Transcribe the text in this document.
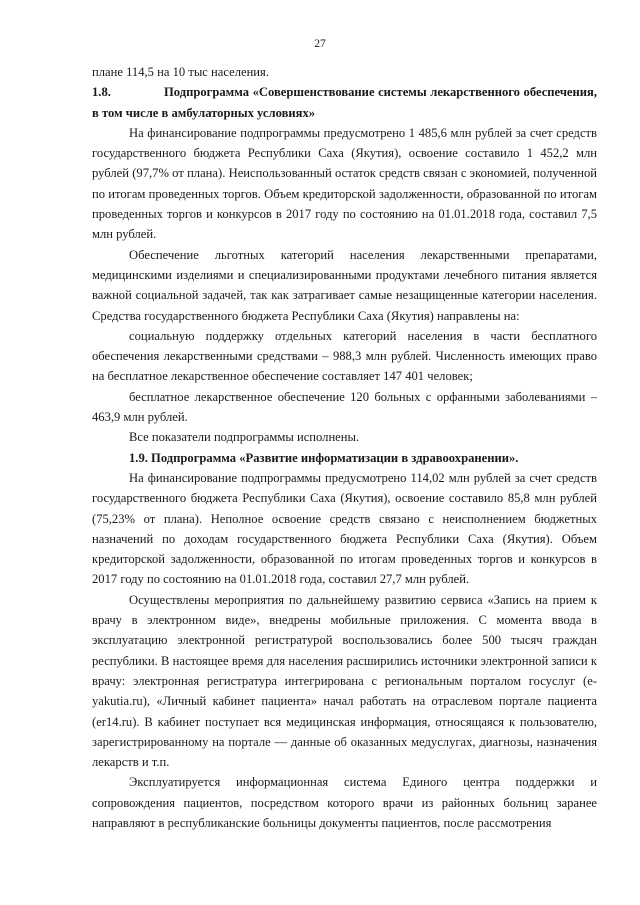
27

плане 114,5 на 10 тыс населения.

1.8.	Подпрограмма «Совершенствование системы лекарственного обеспечения, в том числе в амбулаторных условиях»

На финансирование подпрограммы предусмотрено 1 485,6 млн рублей за счет средств государственного бюджета Республики Саха (Якутия), освоение составило 1 452,2 млн рублей (97,7% от плана). Неиспользованный остаток средств связан с экономией, полученной по итогам проведенных торгов. Объем кредиторской задолженности, образованной по итогам проведенных торгов и конкурсов в 2017 году по состоянию на 01.01.2018 года, составил 7,5 млн рублей.

Обеспечение льготных категорий населения лекарственными препаратами, медицинскими изделиями и специализированными продуктами лечебного питания является важной социальной задачей, так как затрагивает самые незащищенные категории населения. Средства государственного бюджета Республики Саха (Якутия) направлены на:

социальную поддержку отдельных категорий населения в части бесплатного обеспечения лекарственными средствами – 988,3 млн рублей. Численность имеющих право на бесплатное лекарственное обеспечение составляет 147 401 человек;

бесплатное лекарственное обеспечение 120 больных с орфанными заболеваниями – 463,9 млн рублей.

Все показатели подпрограммы исполнены.

1.9. Подпрограмма «Развитие информатизации в здравоохранении».

На финансирование подпрограммы предусмотрено 114,02 млн рублей за счет средств государственного бюджета Республики Саха (Якутия), освоение составило 85,8 млн рублей (75,23% от плана). Неполное освоение средств связано с неисполнением бюджетных назначений по доходам государственного бюджета Республики Саха (Якутия). Объем кредиторской задолженности, образованной по итогам проведенных торгов и конкурсов в 2017 году по состоянию на 01.01.2018 года, составил 27,7 млн рублей.

Осуществлены мероприятия по дальнейшему развитию сервиса «Запись на прием к врачу в электронном виде», внедрены мобильные приложения. С момента ввода в эксплуатацию электронной регистратурой воспользовались более 500 тысяч граждан республики. В настоящее время для населения расширились источники электронной записи к врачу: электронная регистратура интегрирована с региональным порталом госуслуг (e-yakutia.ru), «Личный кабинет пациента» начал работать на отраслевом портале пациента (er14.ru). В кабинет поступает вся медицинская информация, относящаяся к пользователю, зарегистрированному на портале — данные об оказанных медуслугах, диагнозы, назначения лекарств и т.п.

Эксплуатируется информационная система Единого центра поддержки и сопровождения пациентов, посредством которого врачи из районных больниц заранее направляют в республиканские больницы документы пациентов, после рассмотрения
